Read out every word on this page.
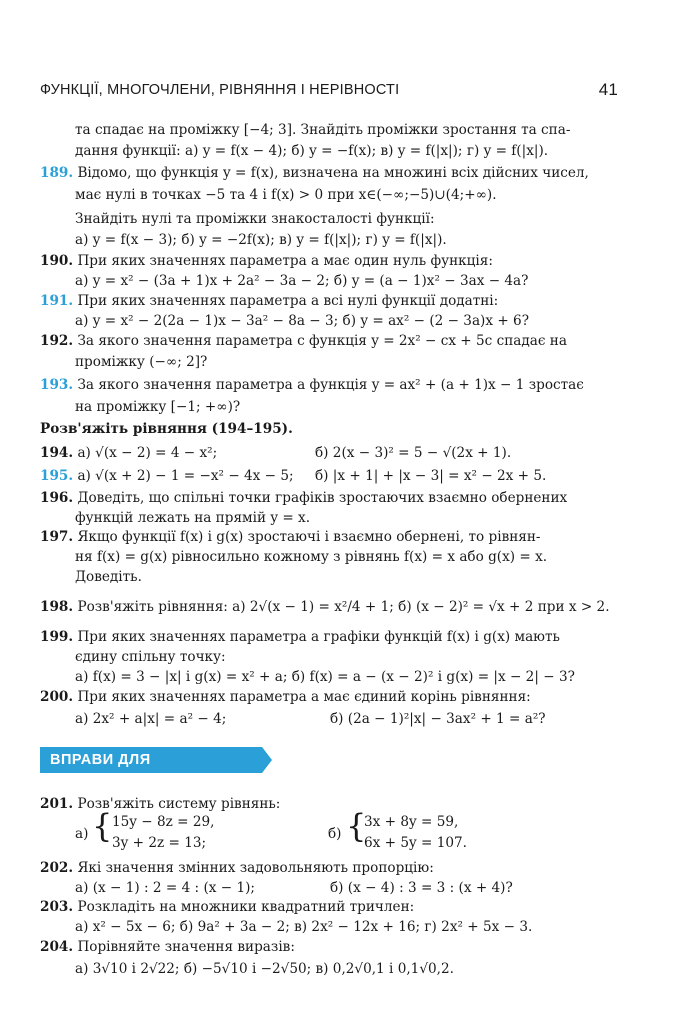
ФУНКЦІЇ, МНОГОЧЛЕНИ, РІВНЯННЯ І НЕРІВНОСТІ	41
та спадає на проміжку [−4; 3]. Знайдіть проміжки зростання та спа-
дання функції: а) y = f(x − 4); б) y = −f(x); в) y = f(|x|); г) y = f(|x|).
189. Відомо, що функція y = f(x), визначена на множині всіх дійсних чисел,
має нулі в точках −5 та 4 і f(x) > 0 при x∈(−∞;−5)∪(4;+∞).
Знайдіть нулі та проміжки знакосталості функції:
а) y = f(x − 3); б) y = −2f(x); в) y = f(|x|); г) y = f(|x|).
190. При яких значеннях параметра a має один нуль функція:
а) y = x² − (3a + 1)x + 2a² − 3a − 2; б) y = (a − 1)x² − 3ax − 4a?
191. При яких значеннях параметра a всі нулі функції додатні:
а) y = x² − 2(2a − 1)x − 3a² − 8a − 3; б) y = ax² − (2 − 3a)x + 6?
192. За якого значення параметра c функція y = 2x² − cx + 5c спадає на
проміжку (−∞; 2]?
193. За якого значення параметра a функція y = ax² + (a + 1)x − 1 зростає
на проміжку [−1; +∞)?
Розв'яжіть рівняння (194–195).
194. а) √(x − 2) = 4 − x²;	б) 2(x − 3)² = 5 − √(2x + 1).
195. а) √(x + 2) − 1 = −x² − 4x − 5; б) |x + 1| + |x − 3| = x² − 2x + 5.
196. Доведіть, що спільні точки графіків зростаючих взаємно обернених
функцій лежать на прямій y = x.
197. Якщо функції f(x) і g(x) зростаючі і взаємно обернені, то рівнян-
ня f(x) = g(x) рівносильно кожному з рівнянь f(x) = x або g(x) = x.
Доведіть.
198. Розв'яжіть рівняння: а) 2√(x − 1) = x²/4 + 1; б) (x − 2)² = √x + 2 при x > 2.
199. При яких значеннях параметра a графіки функцій f(x) і g(x) мають
єдину спільну точку:
а) f(x) = 3 − |x| і g(x) = x² + a; б) f(x) = a − (x − 2)² і g(x) = |x − 2| − 3?
200. При яких значеннях параметра a має єдиний корінь рівняння:
а) 2x² + a|x| = a² − 4;	б) (2a − 1)²|x| − 3ax² + 1 = a²?
ВПРАВИ ДЛЯ ПОВТОРЕННЯ
201. Розв'яжіть систему рівнянь:
а) { 15y − 8z = 29,
3y + 2z = 13;
б) {
3x + 8y = 59,
6x + 5y = 107.
202. Які значення змінних задовольняють пропорцію:
а) (x − 1) : 2 = 4 : (x − 1);	б) (x − 4) : 3 = 3 : (x + 4)?
203. Розкладіть на множники квадратний тричлен:
а) x² − 5x − 6; б) 9a² + 3a − 2; в) 2x² − 12x + 16; г) 2x² + 5x − 3.
204. Порівняйте значення виразів:
а) 3√10 і 2√22; б) −5√10 і −2√50; в) 0,2√0,1 і 0,1√0,2.
